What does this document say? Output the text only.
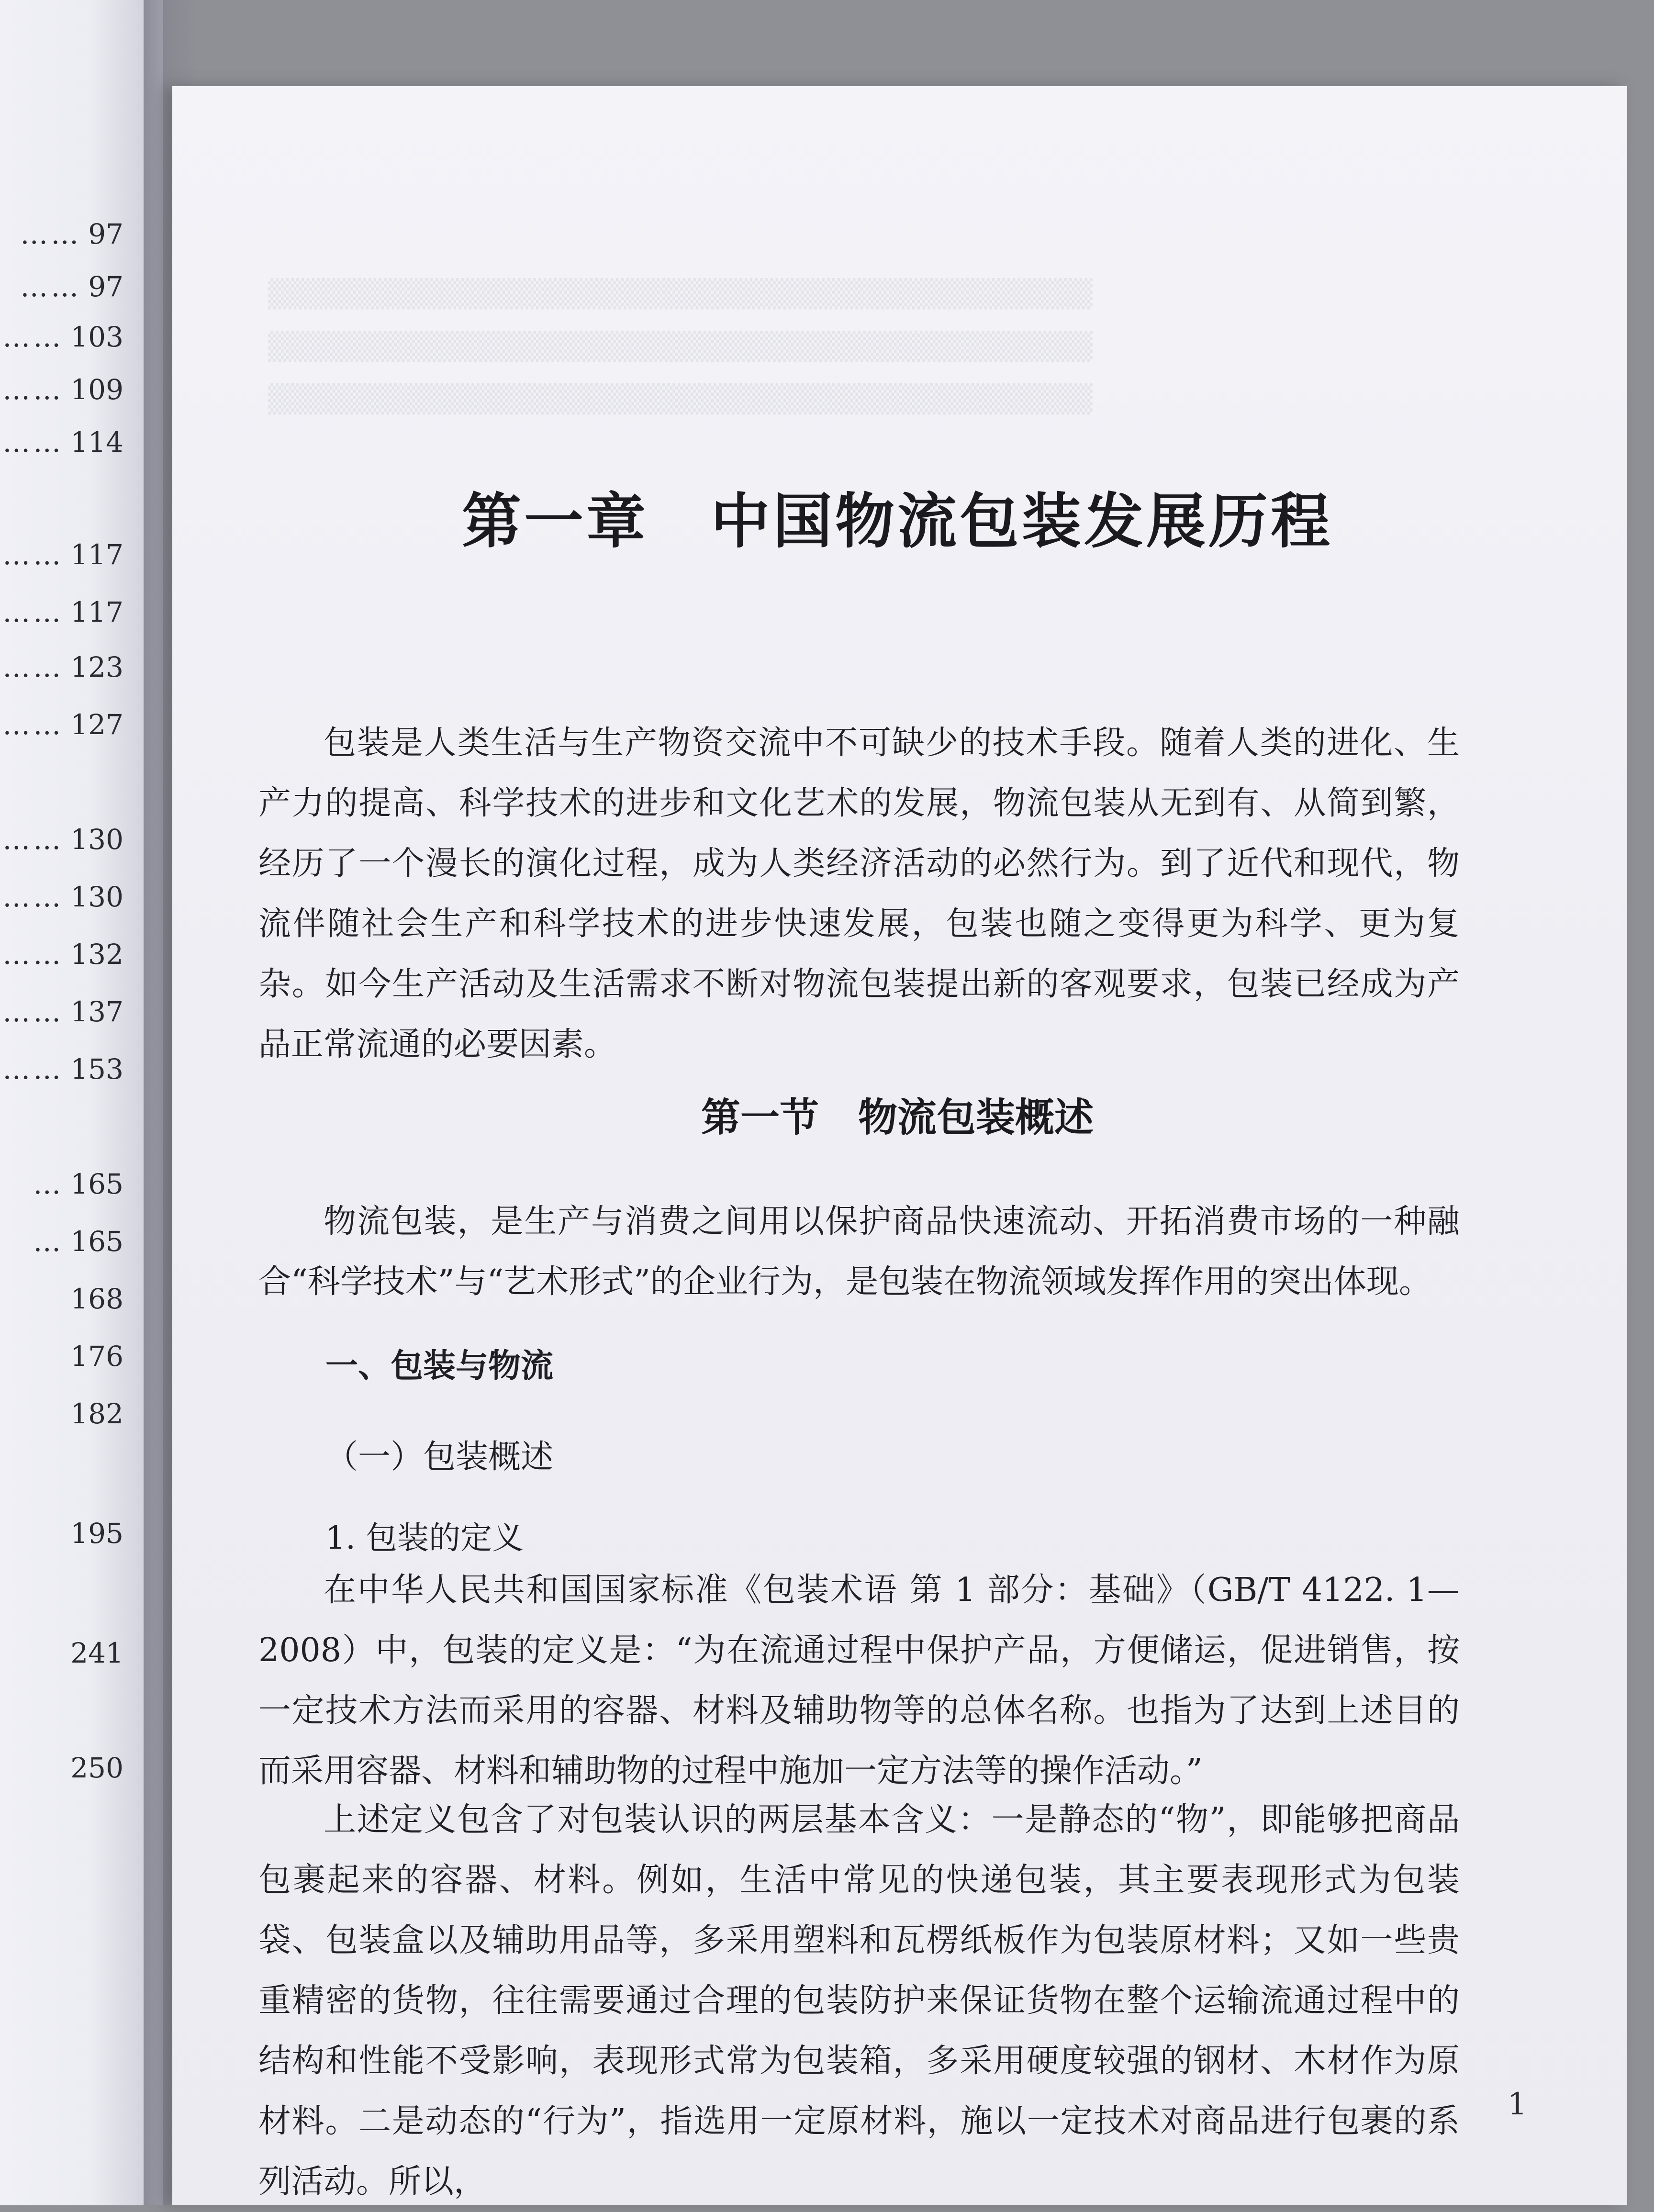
…… 97
…… 97
…… 103
…… 109
…… 114
…… 117
…… 117
…… 123
…… 127
…… 130
…… 130
…… 132
…… 137
…… 153
… 165
… 165
168
176
182
195
241
250
▒▒▒▒▒▒▒▒▒▒▒▒▒▒▒▒▒▒▒▒▒▒▒▒▒▒▒▒▒▒▒▒▒▒▒▒▒▒▒▒
▒▒▒▒▒▒▒▒▒▒▒▒▒▒▒▒▒▒▒▒▒▒▒▒▒▒▒▒▒▒▒▒▒▒▒▒▒▒▒▒
▒▒▒▒▒▒▒▒▒▒▒▒▒▒▒▒▒▒▒▒▒▒▒▒▒▒▒▒▒▒▒▒▒▒▒▒▒▒▒▒
第一章　中国物流包装发展历程
包装是人类生活与生产物资交流中不可缺少的技术手段。随着人类的进化、生产力的提高、科学技术的进步和文化艺术的发展，物流包装从无到有、从简到繁，经历了一个漫长的演化过程，成为人类经济活动的必然行为。到了近代和现代，物流伴随社会生产和科学技术的进步快速发展，包装也随之变得更为科学、更为复杂。如今生产活动及生活需求不断对物流包装提出新的客观要求，包装已经成为产品正常流通的必要因素。
第一节　物流包装概述
物流包装，是生产与消费之间用以保护商品快速流动、开拓消费市场的一种融合“科学技术”与“艺术形式”的企业行为，是包装在物流领域发挥作用的突出体现。
一、包装与物流
（一）包装概述
1. 包装的定义
在中华人民共和国国家标准《包装术语 第 1 部分：基础》（GB/T 4122. 1—2008）中，包装的定义是：“为在流通过程中保护产品，方便储运，促进销售，按一定技术方法而采用的容器、材料及辅助物等的总体名称。也指为了达到上述目的而采用容器、材料和辅助物的过程中施加一定方法等的操作活动。”
上述定义包含了对包装认识的两层基本含义：一是静态的“物”，即能够把商品包裹起来的容器、材料。例如，生活中常见的快递包装，其主要表现形式为包装袋、包装盒以及辅助用品等，多采用塑料和瓦楞纸板作为包装原材料；又如一些贵重精密的货物，往往需要通过合理的包装防护来保证货物在整个运输流通过程中的结构和性能不受影响，表现形式常为包装箱，多采用硬度较强的钢材、木材作为原材料。二是动态的“行为”，指选用一定原材料，施以一定技术对商品进行包裹的系列活动。所以，
1
